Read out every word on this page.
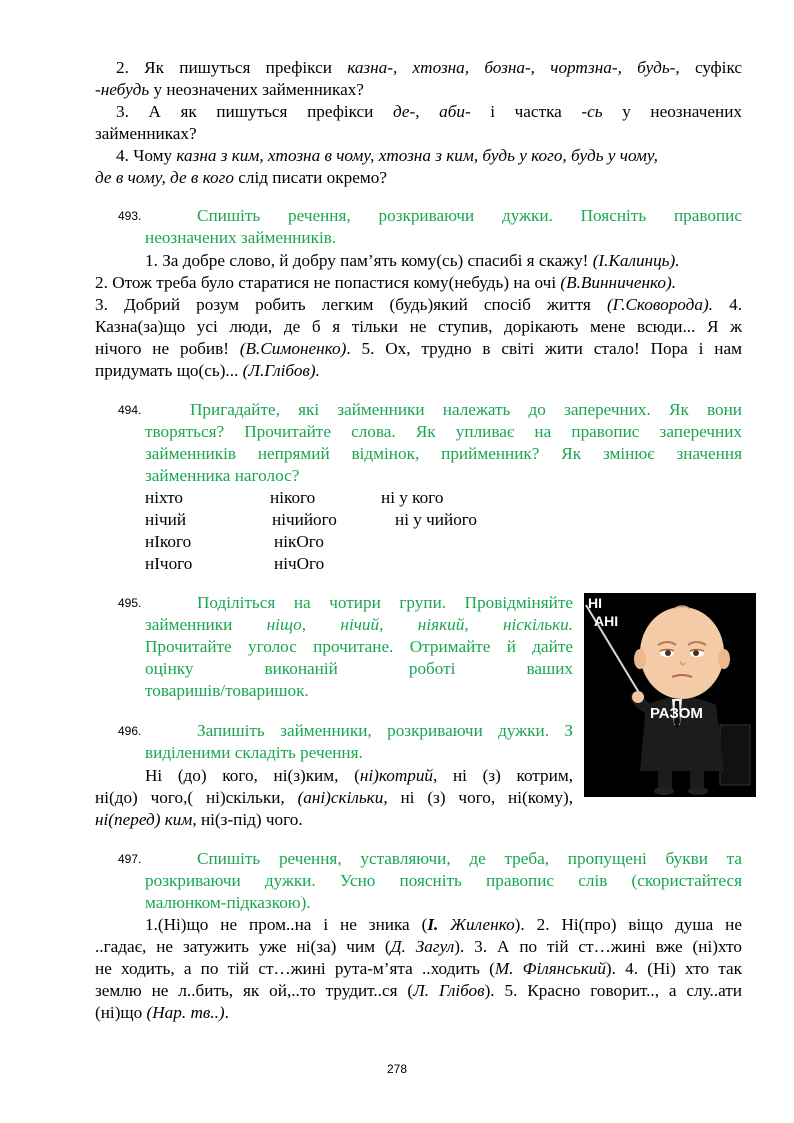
2. Як пишуться префікси казна-, хтозна, бозна-, чортзна-, будь-, суфікс
-небудь у неозначених займенниках?
3. А як пишуться префікси де-, аби- і частка -сь у неозначених
займенниках?
4. Чому казна з ким, хтозна в чому, хтозна з ким, будь у кого, будь у чому,
де в чому, де в кого слід писати окремо?
493.	Спишіть речення, розкриваючи дужки. Поясніть правопис
неозначених займенників.
1. За добре слово, й добру пам’ять кому(сь) спасибі я скажу! (І.Калинць).
2. Отож треба було старатися не попастися кому(небудь) на очі (В.Винниченко).
3. Добрий розум робить легким (будь)який спосіб життя (Г.Сковорода). 4.
Казна(за)що усі люди, де б я тільки не ступив, дорікають мене всюди... Я ж
нічого не робив! (В.Симоненко). 5. Ох, трудно в світі жити стало! Пора і нам
придумать що(сь)... (Л.Глібов).
494.	Пригадайте, які займенники належать до заперечних. Як вони
творяться? Прочитайте слова. Як упливає на правопис заперечних
займенників непрямий відмінок, прийменник? Як змінює значення
займенника наголос?
ніхто	нікого	ні у кого
нічий	нічийого	ні у чийого
нІкого	нікОго
нІчого	нічОго
495.	Поділіться на чотири групи. Провідміняйте
займенники ніщо, нічий, ніякий, ніскільки.
Прочитайте уголос прочитане. Отримайте й дайте
оцінку виконаній роботі ваших
товаришів/товаришок.
496.	Запишіть займенники, розкриваючи дужки. З
виділеними складіть речення.
Ні (до) кого, ні(з)ким, (ні)котрий, ні (з) котрим,
ні(до) чого,( ні)скільки, (ані)скільки, ні (з) чого, ні(кому),
ні(перед) ким, ні(з-під) чого.
НІ
АНІ
РАЗОМ
497.	Спишіть речення, уставляючи, де треба, пропущені букви та
розкриваючи дужки. Усно поясніть правопис слів (скористайтеся
малюнком-підказкою).
1.(Ні)що не пром..на і не зника (І. Жиленко). 2. Ні(про) віщо душа не
..гадає, не затужить уже ні(за) чим (Д. Загул). 3. А по тій ст…жині вже (ні)хто
не ходить, а по тій ст…жині рута-м’ята ..ходить (М. Філянський). 4. (Ні) хто так
землю не л..бить, як ой,..то трудит..ся (Л. Глібов). 5. Красно говорит.., а слу..ати
(ні)що (Нар. тв..).
278
